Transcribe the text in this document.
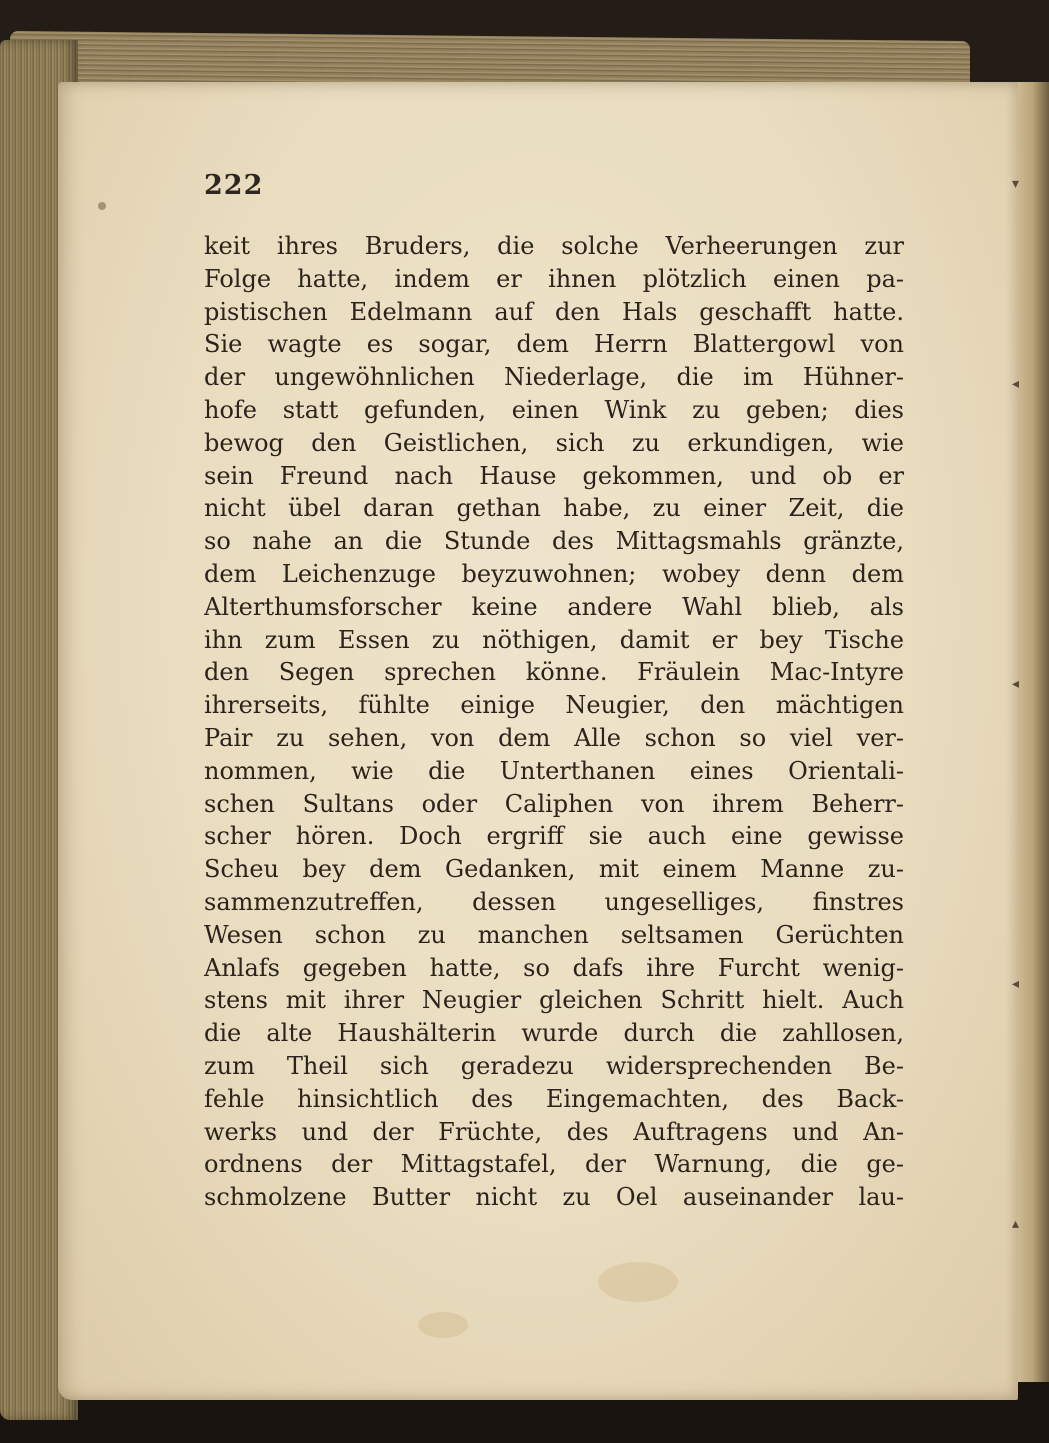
▾
◂
◂
◂
▴
222
keit ihres Bruders, die solche Verheerungen zur
Folge hatte, indem er ihnen plötzlich einen pa-
pistischen Edelmann auf den Hals geschafft hatte.
Sie wagte es sogar, dem Herrn Blattergowl von
der ungewöhnlichen Niederlage, die im Hühner-
hofe statt gefunden, einen Wink zu geben; dies
bewog den Geistlichen, sich zu erkundigen, wie
sein Freund nach Hause gekommen, und ob er
nicht übel daran gethan habe, zu einer Zeit, die
so nahe an die Stunde des Mittagsmahls gränzte,
dem Leichenzuge beyzuwohnen; wobey denn dem
Alterthumsforscher keine andere Wahl blieb, als
ihn zum Essen zu nöthigen, damit er bey Tische
den Segen sprechen könne. Fräulein Mac-Intyre
ihrerseits, fühlte einige Neugier, den mächtigen
Pair zu sehen, von dem Alle schon so viel ver-
nommen, wie die Unterthanen eines Orientali-
schen Sultans oder Caliphen von ihrem Beherr-
scher hören. Doch ergriff sie auch eine gewisse
Scheu bey dem Gedanken, mit einem Manne zu-
sammenzutreffen, dessen ungeselliges, finstres
Wesen schon zu manchen seltsamen Gerüchten
Anlafs gegeben hatte, so dafs ihre Furcht wenig-
stens mit ihrer Neugier gleichen Schritt hielt. Auch
die alte Haushälterin wurde durch die zahllosen,
zum Theil sich geradezu widersprechenden Be-
fehle hinsichtlich des Eingemachten, des Back-
werks und der Früchte, des Auftragens und An-
ordnens der Mittagstafel, der Warnung, die ge-
schmolzene Butter nicht zu Oel auseinander lau-
